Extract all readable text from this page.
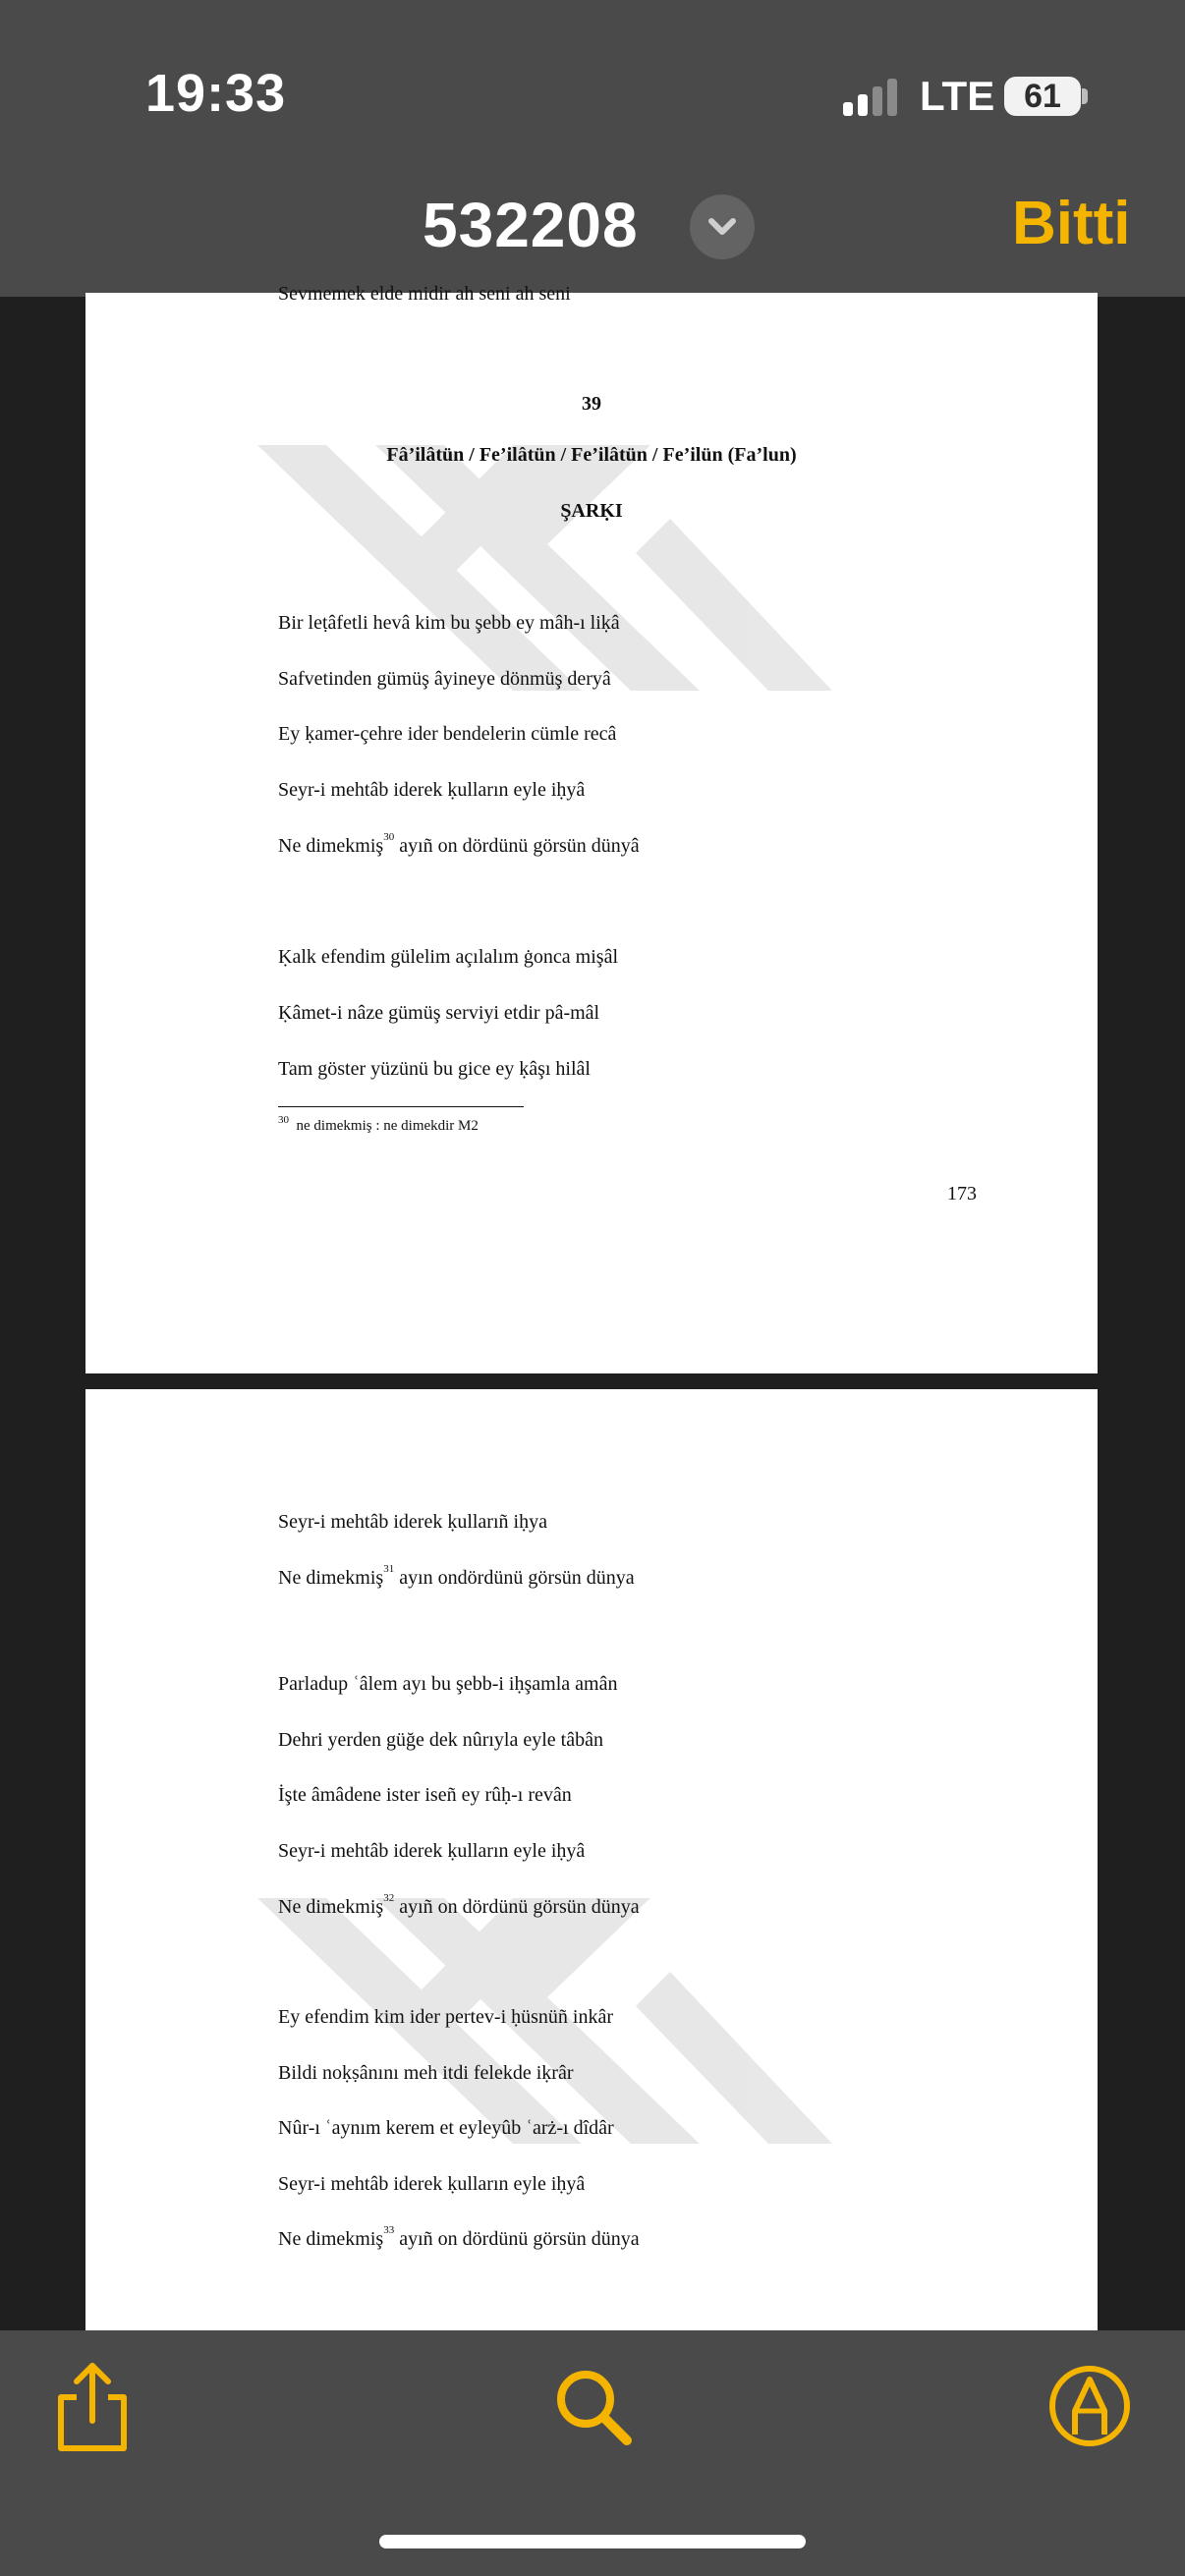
19:33	LTE 61
532208	Bitti
Sevmemek elde midir ah seni ah seni
39
Fâ’ilâtün / Fe’ilâtün / Fe’ilâtün / Fe’ilün (Fa’lun)
ŞARḲI
Bir leṭâfetli hevâ kim bu şebb ey mâh-ı liḳâ
Safvetinden gümüş âyineye dönmüş deryâ
Ey ḳamer-çehre ider bendelerin cümle recâ
Seyr-i mehtâb iderek ḳulların eyle iḥyâ
Ne dimekmiş$^{30}$ ayıñ on dördünü görsün dünyâ
Ḳalk efendim gülelim açılalım ġonca mişâl
Ḳâmet-i nâze gümüş serviyi etdir pâ-mâl
Tam göster yüzünü bu gice ey ḳâşı hilâl
$^{30}$ ne dimekmiş : ne dimekdir M2
173
Seyr-i mehtâb iderek ḳullarıñ iḥya
Ne dimekmiş$^{31}$ ayın ondördünü görsün dünya
Parladup ʿâlem ayı bu şebb-i iḥşamla amân
Dehri yerden güğe dek nûrıyla eyle tâbân
İşte âmâdene ister iseñ ey rûḥ-ı revân
Seyr-i mehtâb iderek ḳulların eyle iḥyâ
Ne dimekmiş$^{32}$ ayıñ on dördünü görsün dünya
Ey efendim kim ider pertev-i ḥüsnüñ inkâr
Bildi noḳṣânını meh itdi felekde iḳrâr
Nûr-ı ʿaynım kerem et eyleyûb ʿarż-ı dîdâr
Seyr-i mehtâb iderek ḳulların eyle iḥyâ
Ne dimekmiş$^{33}$ ayıñ on dördünü görsün dünya
